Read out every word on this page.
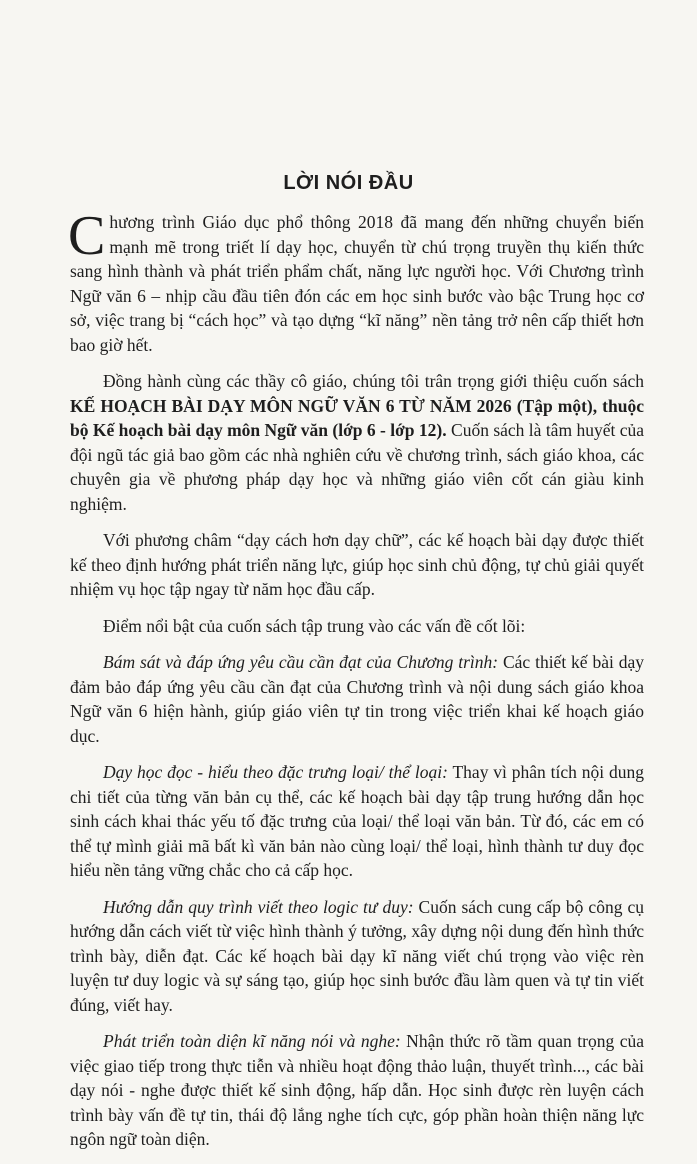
LỜI NÓI ĐẦU

Chương trình Giáo dục phổ thông 2018 đã mang đến những chuyển biến mạnh mẽ trong triết lí dạy học, chuyển từ chú trọng truyền thụ kiến thức sang hình thành và phát triển phẩm chất, năng lực người học. Với Chương trình Ngữ văn 6 – nhịp cầu đầu tiên đón các em học sinh bước vào bậc Trung học cơ sở, việc trang bị “cách học” và tạo dựng “kĩ năng” nền tảng trở nên cấp thiết hơn bao giờ hết.

Đồng hành cùng các thầy cô giáo, chúng tôi trân trọng giới thiệu cuốn sách KẾ HOẠCH BÀI DẠY MÔN NGỮ VĂN 6 TỪ NĂM 2026 (Tập một), thuộc bộ Kế hoạch bài dạy môn Ngữ văn (lớp 6 - lớp 12). Cuốn sách là tâm huyết của đội ngũ tác giả bao gồm các nhà nghiên cứu về chương trình, sách giáo khoa, các chuyên gia về phương pháp dạy học và những giáo viên cốt cán giàu kinh nghiệm.

Với phương châm “dạy cách hơn dạy chữ”, các kế hoạch bài dạy được thiết kế theo định hướng phát triển năng lực, giúp học sinh chủ động, tự chủ giải quyết nhiệm vụ học tập ngay từ năm học đầu cấp.

Điểm nổi bật của cuốn sách tập trung vào các vấn đề cốt lõi:

Bám sát và đáp ứng yêu cầu cần đạt của Chương trình: Các thiết kế bài dạy đảm bảo đáp ứng yêu cầu cần đạt của Chương trình và nội dung sách giáo khoa Ngữ văn 6 hiện hành, giúp giáo viên tự tin trong việc triển khai kế hoạch giáo dục.

Dạy học đọc - hiểu theo đặc trưng loại/ thể loại: Thay vì phân tích nội dung chi tiết của từng văn bản cụ thể, các kế hoạch bài dạy tập trung hướng dẫn học sinh cách khai thác yếu tố đặc trưng của loại/ thể loại văn bản. Từ đó, các em có thể tự mình giải mã bất kì văn bản nào cùng loại/ thể loại, hình thành tư duy đọc hiểu nền tảng vững chắc cho cả cấp học.

Hướng dẫn quy trình viết theo logic tư duy: Cuốn sách cung cấp bộ công cụ hướng dẫn cách viết từ việc hình thành ý tưởng, xây dựng nội dung đến hình thức trình bày, diễn đạt. Các kế hoạch bài dạy kĩ năng viết chú trọng vào việc rèn luyện tư duy logic và sự sáng tạo, giúp học sinh bước đầu làm quen và tự tin viết đúng, viết hay.

Phát triển toàn diện kĩ năng nói và nghe: Nhận thức rõ tầm quan trọng của việc giao tiếp trong thực tiễn và nhiều hoạt động thảo luận, thuyết trình..., các bài dạy nói - nghe được thiết kế sinh động, hấp dẫn. Học sinh được rèn luyện cách trình bày vấn đề tự tin, thái độ lắng nghe tích cực, góp phần hoàn thiện năng lực ngôn ngữ toàn diện.
